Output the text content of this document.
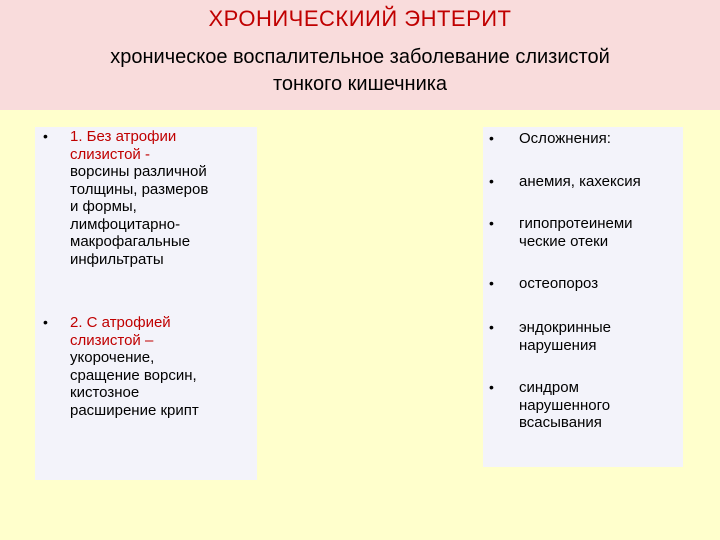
ХРОНИЧЕСКИИЙ ЭНТЕРИТ
хроническое воспалительное заболевание слизистой
тонкого кишечника
• 1. Без атрофии
слизистой -
ворсины различной
толщины, размеров
и формы,
лимфоцитарно-
макрофагальные
инфильтраты
• 2. С атрофией
слизистой –
укорочение,
сращение ворсин,
кистозное
расширение крипт
• Осложнения:
• анемия, кахексия
• гипопротеинеми
ческие отеки
• остеопороз
• эндокринные
нарушения
• синдром
нарушенного
всасывания
